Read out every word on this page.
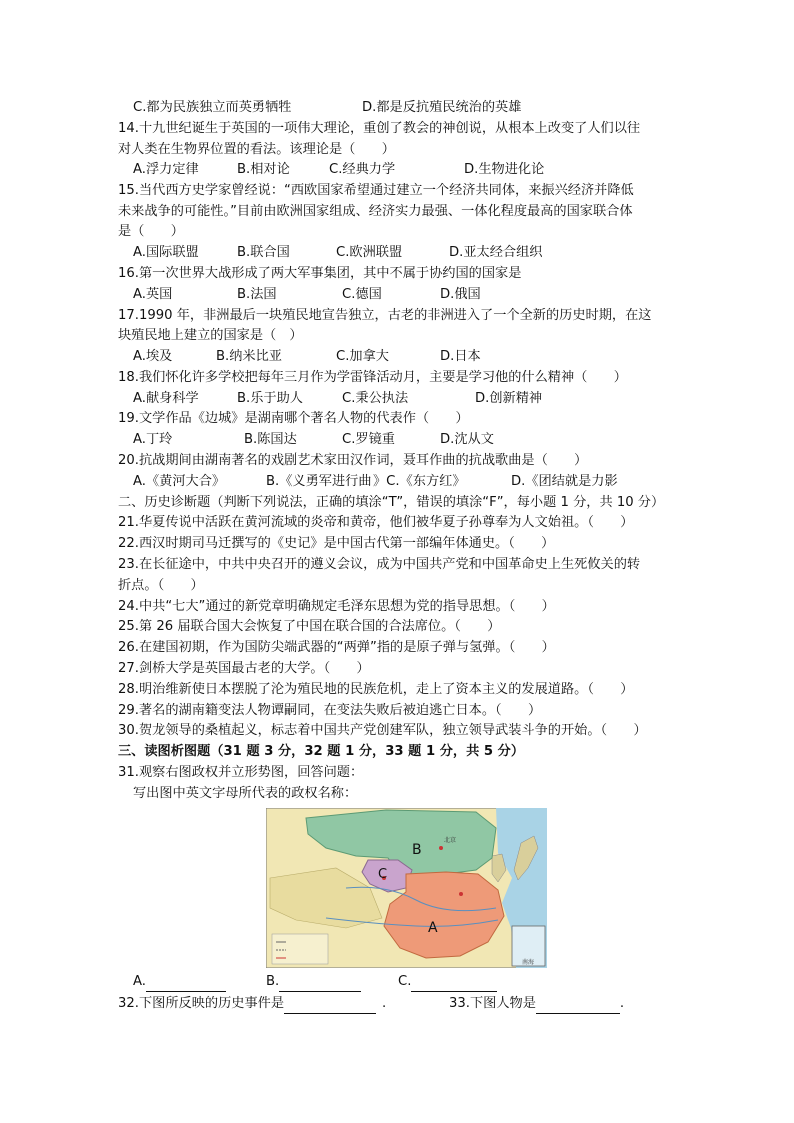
C.都为民族独立而英勇牺牲	D.都是反抗殖民统治的英雄
14.十九世纪诞生于英国的一项伟大理论，重创了教会的神创说，从根本上改变了人们以往
对人类在生物界位置的看法。该理论是（　　）
A.浮力定律	B.相对论	C.经典力学	D.生物进化论
15.当代西方史学家曾经说：“西欧国家希望通过建立一个经济共同体，来振兴经济并降低
未来战争的可能性。”目前由欧洲国家组成、经济实力最强、一体化程度最高的国家联合体
是（　　）
A.国际联盟	B.联合国	C.欧洲联盟	D.亚太经合组织
16.第一次世界大战形成了两大军事集团，其中不属于协约国的国家是
A.英国	B.法国	C.德国	D.俄国
17.1990 年，非洲最后一块殖民地宣告独立，古老的非洲进入了一个全新的历史时期，在这
块殖民地上建立的国家是（　）
A.埃及	B.纳米比亚	C.加拿大	D.日本
18.我们怀化许多学校把每年三月作为学雷锋活动月，主要是学习他的什么精神（　　）
A.献身科学	B.乐于助人	C.秉公执法	D.创新精神
19.文学作品《边城》是湖南哪个著名人物的代表作（　　）
A.丁玲	B.陈国达	C.罗镜重	D.沈从文
20.抗战期间由湖南著名的戏剧艺术家田汉作词，聂耳作曲的抗战歌曲是（　　）
A.《黄河大合》	B.《义勇军进行曲 》C.《东方红》	D.《团结就是力影
二、历史诊断题（判断下列说法，正确的填涂“T”，错误的填涂“F”，每小题 1 分，共 10 分）
21.华夏传说中活跃在黄河流域的炎帝和黄帝，他们被华夏子孙尊奉为人文始祖。（　　）
22.西汉时期司马迁撰写的《史记》是中国古代第一部编年体通史。（　　）
23.在长征途中，中共中央召开的遵义会议，成为中国共产党和中国革命史上生死攸关的转
折点。（　　）
24.中共“七大”通过的新党章明确规定毛泽东思想为党的指导思想。（　　）
25.第 26 届联合国大会恢复了中国在联合国的合法席位。（　　）
26.在建国初期，作为国防尖端武器的“两弹”指的是原子弹与氢弹。（　　）
27.剑桥大学是英国最古老的大学。（　　）
28.明治维新使日本摆脱了沦为殖民地的民族危机，走上了资本主义的发展道路。（　　）
29.著名的湖南籍变法人物谭嗣同，在变法失败后被迫逃亡日本。（　　）
30.贺龙领导的桑植起义，标志着中国共产党创建军队，独立领导武装斗争的开始。（　　）
三、读图析图题（31 题 3 分，32 题 1 分，33 题 1 分，共 5 分）
31.观察右图政权并立形势图，回答问题：
写出图中英文字母所代表的政权名称：
B
C
A
北京
南海
A.	B.	C.
32.下图所反映的历史事件是	.	33.下图人物是	.
